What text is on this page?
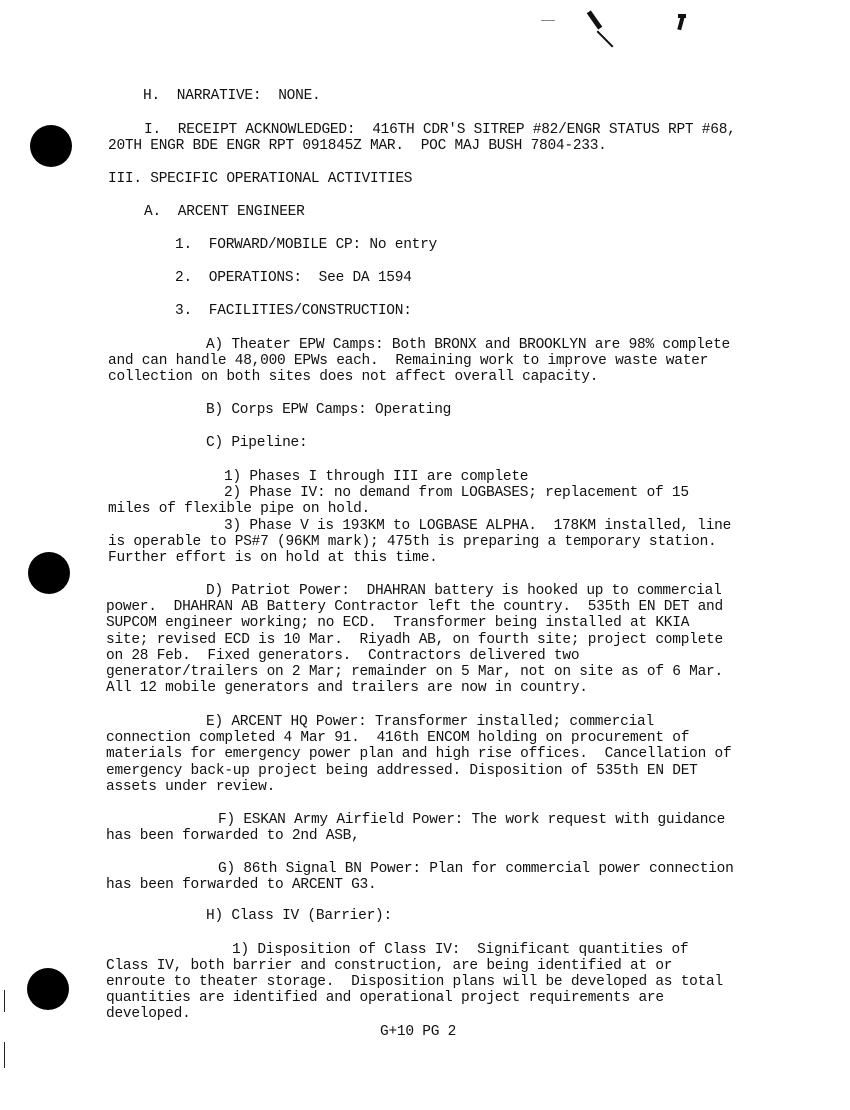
H.  NARRATIVE:  NONE.
I.  RECEIPT ACKNOWLEDGED:  416TH CDR'S SITREP #82/ENGR STATUS RPT #68,
20TH ENGR BDE ENGR RPT 091845Z MAR.  POC MAJ BUSH 7804-233.
III. SPECIFIC OPERATIONAL ACTIVITIES
A.  ARCENT ENGINEER
1.  FORWARD/MOBILE CP: No entry
2.  OPERATIONS:  See DA 1594
3.  FACILITIES/CONSTRUCTION:
A) Theater EPW Camps: Both BRONX and BROOKLYN are 98% complete
and can handle 48,000 EPWs each.  Remaining work to improve waste water
collection on both sites does not affect overall capacity.
B) Corps EPW Camps: Operating
C) Pipeline:
1) Phases I through III are complete
2) Phase IV: no demand from LOGBASES; replacement of 15
miles of flexible pipe on hold.
3) Phase V is 193KM to LOGBASE ALPHA.  178KM installed, line
is operable to PS#7 (96KM mark); 475th is preparing a temporary station.
Further effort is on hold at this time.
D) Patriot Power:  DHAHRAN battery is hooked up to commercial
power.  DHAHRAN AB Battery Contractor left the country.  535th EN DET and
SUPCOM engineer working; no ECD.  Transformer being installed at KKIA
site; revised ECD is 10 Mar.  Riyadh AB, on fourth site; project complete
on 28 Feb.  Fixed generators.  Contractors delivered two
generator/trailers on 2 Mar; remainder on 5 Mar, not on site as of 6 Mar.
All 12 mobile generators and trailers are now in country.
E) ARCENT HQ Power: Transformer installed; commercial
connection completed 4 Mar 91.  416th ENCOM holding on procurement of
materials for emergency power plan and high rise offices.  Cancellation of
emergency back-up project being addressed. Disposition of 535th EN DET
assets under review.
F) ESKAN Army Airfield Power: The work request with guidance
has been forwarded to 2nd ASB,
G) 86th Signal BN Power: Plan for commercial power connection
has been forwarded to ARCENT G3.
H) Class IV (Barrier):
1) Disposition of Class IV:  Significant quantities of
Class IV, both barrier and construction, are being identified at or
enroute to theater storage.  Disposition plans will be developed as total
quantities are identified and operational project requirements are
developed.
G+10 PG 2
